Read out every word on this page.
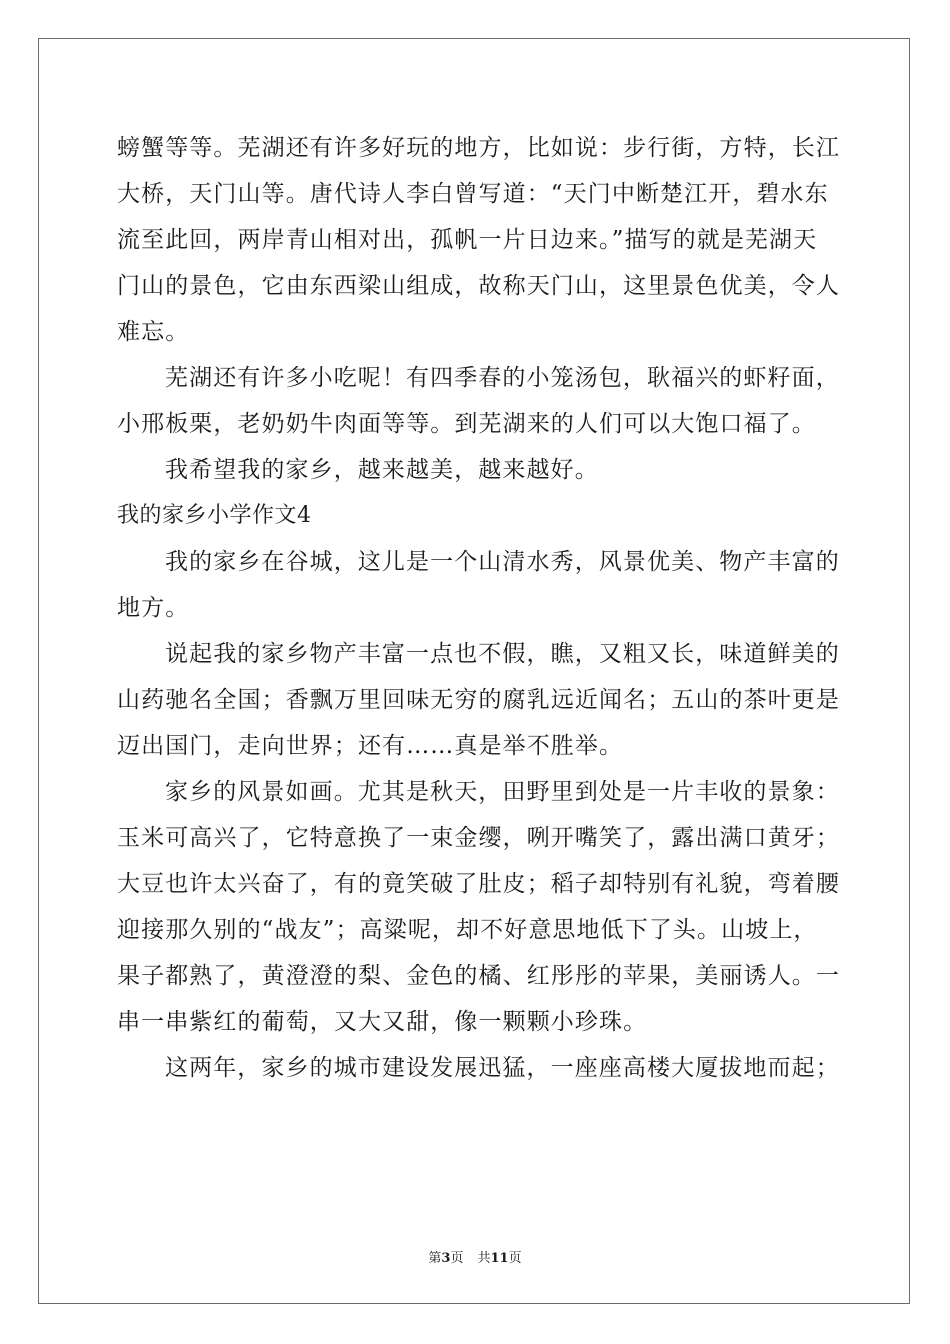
螃蟹等等。芜湖还有许多好玩的地方，比如说：步行街，方特，长江
大桥，天门山等。唐代诗人李白曾写道：“天门中断楚江开，碧水东
流至此回，两岸青山相对出，孤帆一片日边来。”描写的就是芜湖天
门山的景色，它由东西梁山组成，故称天门山，这里景色优美，令人
难忘。
芜湖还有许多小吃呢！有四季春的小笼汤包，耿福兴的虾籽面，
小邢板栗，老奶奶牛肉面等等。到芜湖来的人们可以大饱口福了。
我希望我的家乡，越来越美，越来越好。
我的家乡小学作文4
我的家乡在谷城，这儿是一个山清水秀，风景优美、物产丰富的
地方。
说起我的家乡物产丰富一点也不假，瞧，又粗又长，味道鲜美的
山药驰名全国；香飘万里回味无穷的腐乳远近闻名；五山的茶叶更是
迈出国门，走向世界；还有……真是举不胜举。
家乡的风景如画。尤其是秋天，田野里到处是一片丰收的景象：
玉米可高兴了，它特意换了一束金缨，咧开嘴笑了，露出满口黄牙；
大豆也许太兴奋了，有的竟笑破了肚皮；稻子却特别有礼貌，弯着腰
迎接那久别的“战友”；高粱呢，却不好意思地低下了头。山坡上，
果子都熟了，黄澄澄的梨、金色的橘、红彤彤的苹果，美丽诱人。一
串一串紫红的葡萄，又大又甜，像一颗颗小珍珠。
这两年，家乡的城市建设发展迅猛，一座座高楼大厦拔地而起；
第3页 共11页
